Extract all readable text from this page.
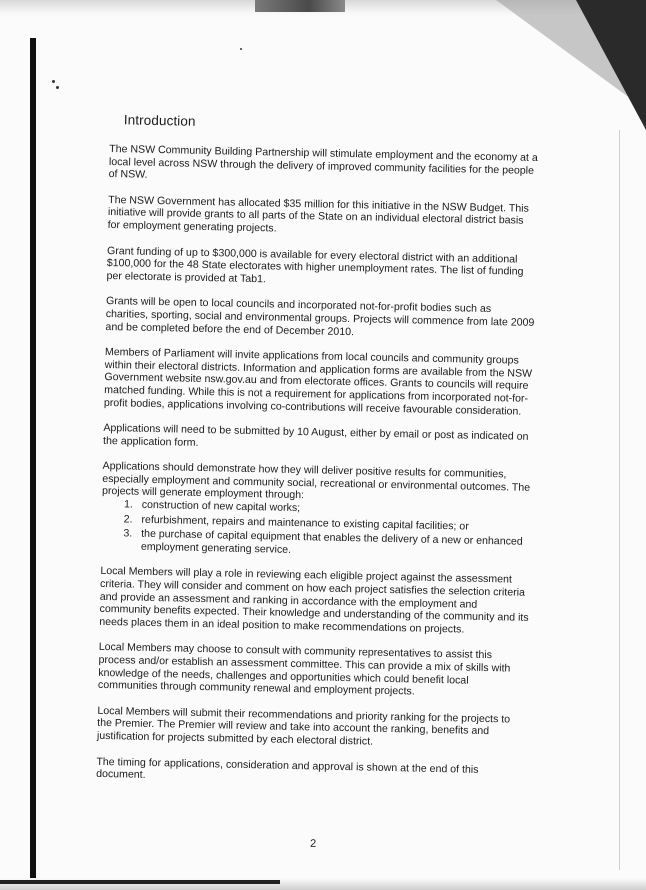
Introduction

The NSW Community Building Partnership will stimulate employment and the economy at a local level across NSW through the delivery of improved community facilities for the people of NSW.

The NSW Government has allocated $35 million for this initiative in the NSW Budget. This initiative will provide grants to all parts of the State on an individual electoral district basis for employment generating projects.

Grant funding of up to $300,000 is available for every electoral district with an additional $100,000 for the 48 State electorates with higher unemployment rates. The list of funding per electorate is provided at Tab1.

Grants will be open to local councils and incorporated not-for-profit bodies such as charities, sporting, social and environmental groups. Projects will commence from late 2009 and be completed before the end of December 2010.

Members of Parliament will invite applications from local councils and community groups within their electoral districts. Information and application forms are available from the NSW Government website nsw.gov.au and from electorate offices. Grants to councils will require matched funding. While this is not a requirement for applications from incorporated not-for-profit bodies, applications involving co-contributions will receive favourable consideration.

Applications will need to be submitted by 10 August, either by email or post as indicated on the application form.

Applications should demonstrate how they will deliver positive results for communities, especially employment and community social, recreational or environmental outcomes. The projects will generate employment through:

1. construction of new capital works;
2. refurbishment, repairs and maintenance to existing capital facilities; or
3. the purchase of capital equipment that enables the delivery of a new or enhanced employment generating service.

Local Members will play a role in reviewing each eligible project against the assessment criteria. They will consider and comment on how each project satisfies the selection criteria and provide an assessment and ranking in accordance with the employment and community benefits expected. Their knowledge and understanding of the community and its needs places them in an ideal position to make recommendations on projects.

Local Members may choose to consult with community representatives to assist this process and/or establish an assessment committee. This can provide a mix of skills with knowledge of the needs, challenges and opportunities which could benefit local communities through community renewal and employment projects.

Local Members will submit their recommendations and priority ranking for the projects to the Premier. The Premier will review and take into account the ranking, benefits and justification for projects submitted by each electoral district.

The timing for applications, consideration and approval is shown at the end of this document.

2
